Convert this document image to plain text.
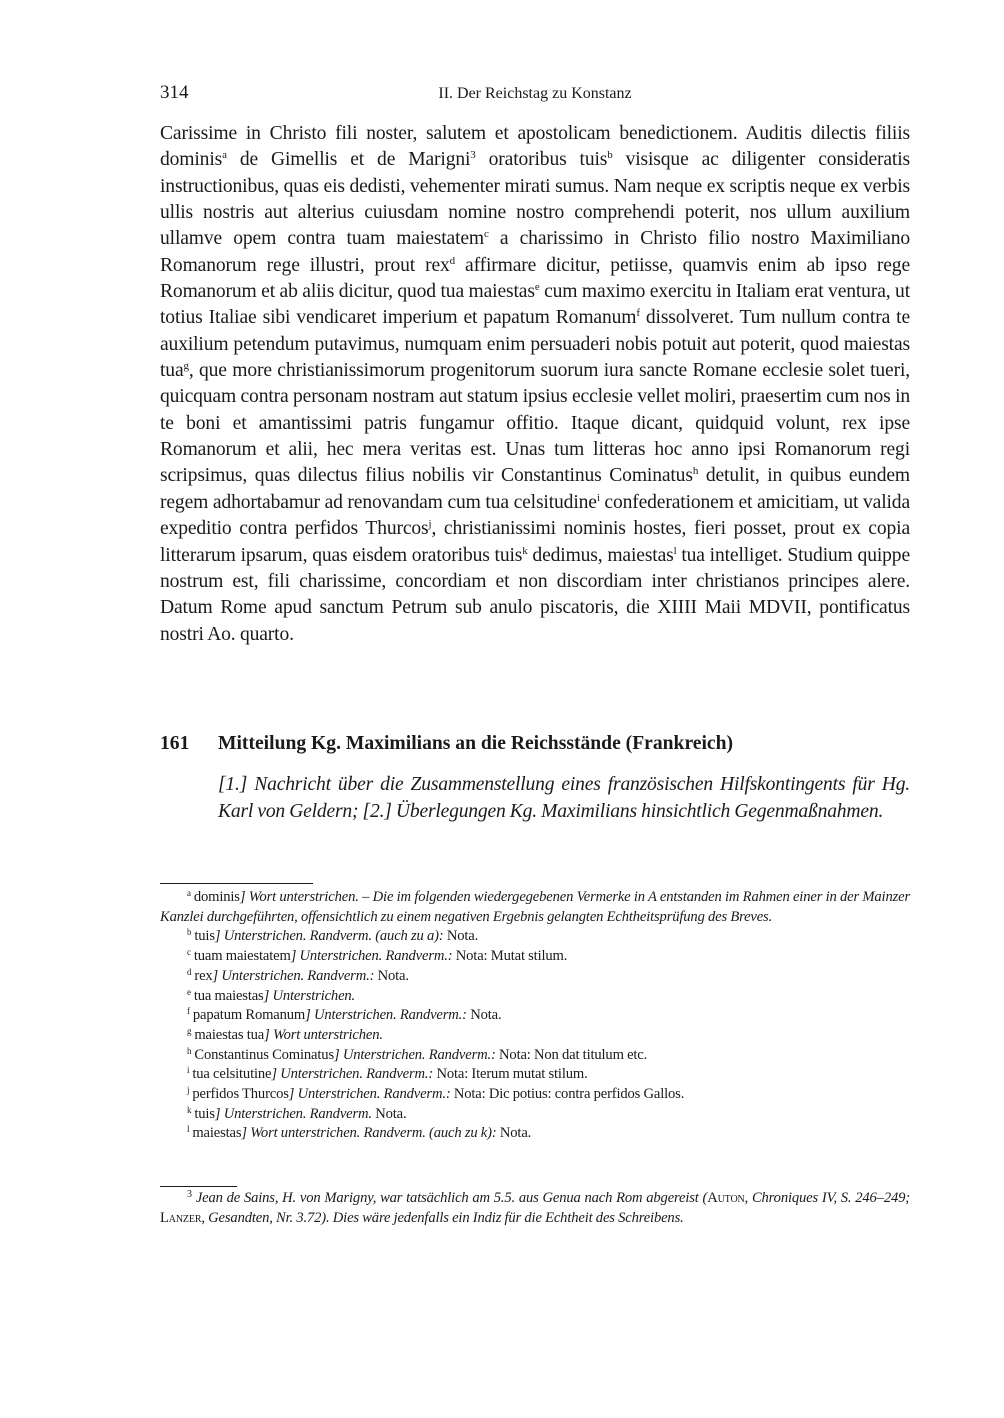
314	II. Der Reichstag zu Konstanz
Carissime in Christo fili noster, salutem et apostolicam benedictionem. Auditis dilectis filiis dominis$^a$ de Gimellis et de Marigni$^3$ oratoribus tuis$^b$ visisque ac diligenter consideratis instructionibus, quas eis dedisti, vehementer mirati sumus. Nam neque ex scriptis neque ex verbis ullis nostris aut alterius cuiusdam nomine nostro comprehendi poterit, nos ullum auxilium ullamve opem contra tuam maiestatem$^c$ a charissimo in Christo filio nostro Maximiliano Romanorum rege illustri, prout rex$^d$ affirmare dicitur, petiisse, quamvis enim ab ipso rege Romanorum et ab aliis dicitur, quod tua maiestas$^e$ cum maximo exercitu in Italiam erat ventura, ut totius Italiae sibi vendicaret imperium et papatum Romanum$^f$ dissolveret. Tum nullum contra te auxilium petendum putavimus, numquam enim persuaderi nobis potuit aut poterit, quod maiestas tua$^g$, que more christianissimorum progenitorum suorum iura sancte Romane ecclesie solet tueri, quicquam contra personam nostram aut statum ipsius ecclesie vellet moliri, praesertim cum nos in te boni et amantissimi patris fungamur offitio. Itaque dicant, quidquid volunt, rex ipse Romanorum et alii, hec mera veritas est. Unas tum litteras hoc anno ipsi Romanorum regi scripsimus, quas dilectus filius nobilis vir Constantinus Cominatus$^h$ detulit, in quibus eundem regem adhortabamur ad renovandam cum tua celsitudine$^i$ confederationem et amicitiam, ut valida expeditio contra perfidos Thurcos$^j$, christianissimi nominis hostes, fieri posset, prout ex copia litterarum ipsarum, quas eisdem oratoribus tuis$^k$ dedimus, maiestas$^l$ tua intelliget. Studium quippe nostrum est, fili charissime, concordiam et non discordiam inter christianos principes alere. Datum Rome apud sanctum Petrum sub anulo piscatoris, die XIIII Maii MDVII, pontificatus nostri Ao. quarto.
161 Mitteilung Kg. Maximilians an die Reichsstände (Frankreich)
[1.] Nachricht über die Zusammenstellung eines französischen Hilfskontingents für Hg. Karl von Geldern; [2.] Überlegungen Kg. Maximilians hinsichtlich Gegenmaßnahmen.

$^a$ dominis] Wort unterstrichen. – Die im folgenden wiedergegebenen Vermerke in A entstanden im Rahmen einer in der Mainzer Kanzlei durchgeführten, offensichtlich zu einem negativen Ergebnis gelangten Echtheitsprüfung des Breves.

$^b$ tuis] Unterstrichen. Randverm. (auch zu a): Nota.

$^c$ tuam maiestatem] Unterstrichen. Randverm.: Nota: Mutat stilum.

$^d$ rex] Unterstrichen. Randverm.: Nota.

$^e$ tua maiestas] Unterstrichen.

$^f$ papatum Romanum] Unterstrichen. Randverm.: Nota.

$^g$ maiestas tua] Wort unterstrichen.

$^h$ Constantinus Cominatus] Unterstrichen. Randverm.: Nota: Non dat titulum etc.

$^i$ tua celsitutine] Unterstrichen. Randverm.: Nota: Iterum mutat stilum.

$^j$ perfidos Thurcos] Unterstrichen. Randverm.: Nota: Dic potius: contra perfidos Gallos.

$^k$ tuis] Unterstrichen. Randverm. Nota.

$^l$ maiestas] Wort unterstrichen. Randverm. (auch zu k): Nota.

$^3$ Jean de Sains, H. von Marigny, war tatsächlich am 5.5. aus Genua nach Rom abgereist (Auton, Chroniques IV, S. 246–249; Lanzer, Gesandten, Nr. 3.72). Dies wäre jedenfalls ein Indiz für die Echtheit des Schreibens.
